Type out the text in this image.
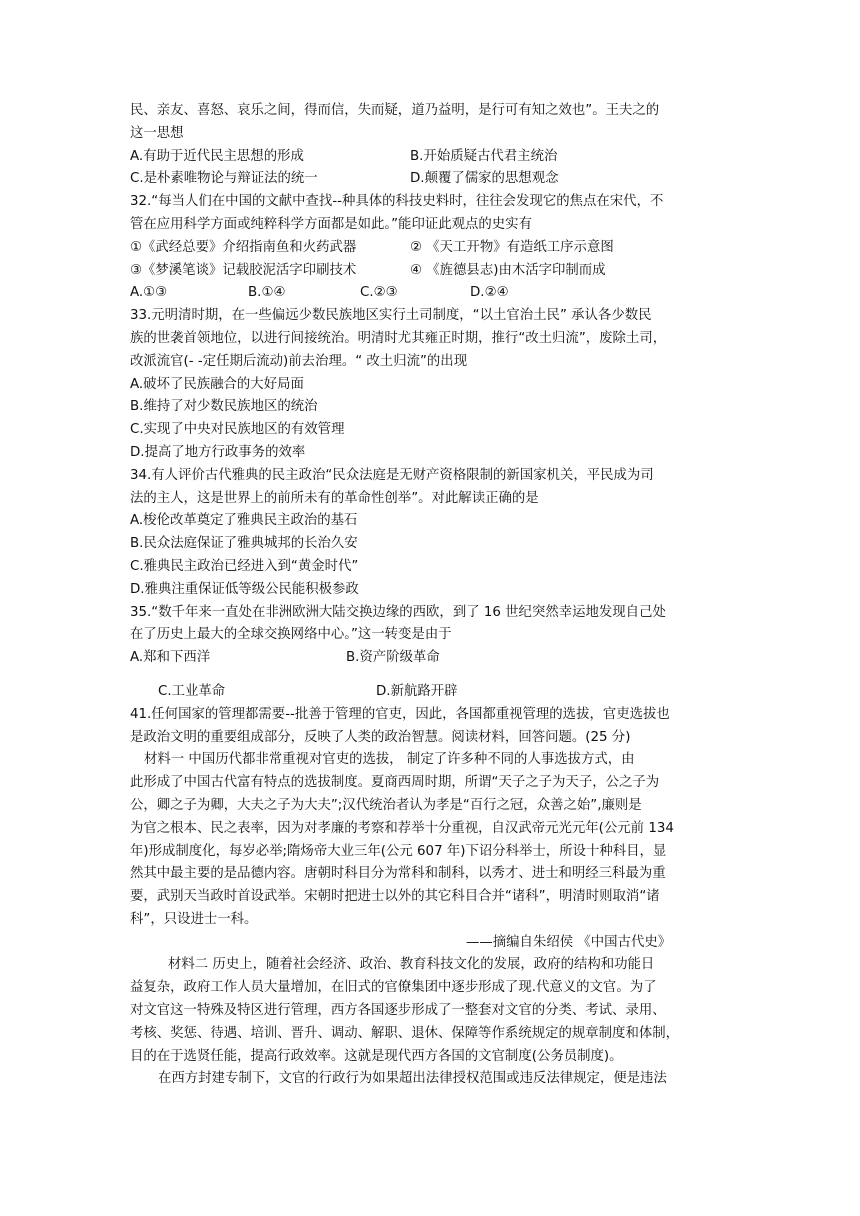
民、亲友、喜怒、哀乐之间，得而信，失而疑，道乃益明，是行可有知之效也”。王夫之的
这一思想
A.有助于近代民主思想的形成	B.开始质疑古代君主统治
C.是朴素唯物论与辩证法的统一	D.颠覆了儒家的思想观念
32.“每当人们在中国的文献中查找--种具体的科技史料时，往往会发现它的焦点在宋代，不
管在应用科学方面或纯粹科学方面都是如此。”能印证此观点的史实有
①《武经总要》介绍指南鱼和火药武器	② 《天工开物》有造纸工序示意图
③《梦溪笔谈》记载胶泥活字印刷技术	④ 《旌德县志)由木活字印制而成
A.①③	B.①④	C.②③	D.②④
33.元明清时期，在一些偏远少数民族地区实行土司制度，“以土官治土民” 承认各少数民
族的世袭首领地位，以进行间接统治。明清时尤其雍正时期，推行“改土归流”，废除土司，
改派流官(- -定任期后流动)前去治理。“ 改土归流”的出现
A.破坏了民族融合的大好局面
B.维持了对少数民族地区的统治
C.实现了中央对民族地区的有效管理
D.提高了地方行政事务的效率
34.有人评价古代雅典的民主政治“民众法庭是无财产资格限制的新国家机关，平民成为司
法的主人，这是世界上的前所未有的革命性创举”。对此解读正确的是
A.梭伦改革奠定了雅典民主政治的基石
B.民众法庭保证了雅典城邦的长治久安
C.雅典民主政治已经进入到“黄金时代”
D.雅典注重保证低等级公民能积极参政
35.“数千年来一直处在非洲欧洲大陆交换边缘的西欧，到了 16 世纪突然幸运地发现自己处
在了历史上最大的全球交换网络中心。”这一转变是由于
A.郑和下西洋	B.资产阶级革命
C.工业革命	D.新航路开辟
41.任何国家的管理都需要--批善于管理的官吏，因此，各国都重视管理的选拔，官吏选拔也
是政治文明的重要组成部分，反映了人类的政治智慧。阅读材料，回答问题。(25 分)
材料一 中国历代都非常重视对官吏的选拔， 制定了许多种不同的人事选拔方式，由
此形成了中国古代富有特点的选拔制度。夏商西周时期，所谓“天子之子为天子，公之子为
公，卿之子为卿，大夫之子为大夫”;汉代统治者认为孝是“百行之冠，众善之始”,廉则是
为官之根本、民之表率，因为对孝廉的考察和荐举十分重视，自汉武帝元光元年(公元前 134
年)形成制度化，每岁必举;隋炀帝大业三年(公元 607 年)下诏分科举士，所设十种科目，显
然其中最主要的是品德内容。唐朝时科目分为常科和制科，以秀才、进士和明经三科最为重
要，武别天当政时首设武举。宋朝时把进士以外的其它科目合并“诸科”，明清时则取消“诸
科”，只设进士一科。
——摘编自朱绍侯 《中国古代史》
材料二 历史上，随着社会经济、政治、教育科技文化的发展，政府的结构和功能日
益复杂，政府工作人员大量增加，在旧式的官僚集团中逐步形成了现.代意义的文官。为了
对文官这一特殊及特区进行管理，西方各国逐步形成了一整套对文官的分类、考试、录用、
考核、奖惩、待遇、培训、晋升、调动、解职、退休、保障等作系统规定的规章制度和体制，
目的在于选贤任能，提高行政效率。这就是现代西方各国的文官制度(公务员制度)。
在西方封建专制下，文官的行政行为如果超出法律授权范围或违反法律规定，便是违法
